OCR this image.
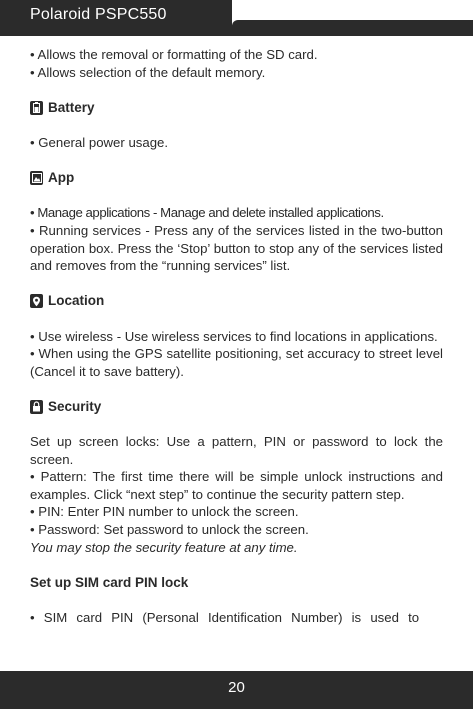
Polaroid PSPC550

• Allows the removal or formatting of the SD card.

• Allows selection of the default memory.

Battery

• General power usage.

App

• Manage applications - Manage and delete installed applications.

• Running services - Press any of the services listed in the two-button operation box. Press the ‘Stop’ button to stop any of the services listed and removes from the “running services” list.

Location

• Use wireless - Use wireless services to find locations in applications.

• When using the GPS satellite positioning, set accuracy to street level (Cancel it to save battery).

Security

Set up screen locks: Use a pattern, PIN or password to lock the screen.

• Pattern: The first time there will be simple unlock instructions and examples. Click “next step” to continue the security pattern step.

• PIN: Enter PIN number to unlock the screen.

• Password: Set password to unlock the screen.

You may stop the security feature at any time.

Set up SIM card PIN lock

• SIM card PIN (Personal Identification Number) is used to

20
